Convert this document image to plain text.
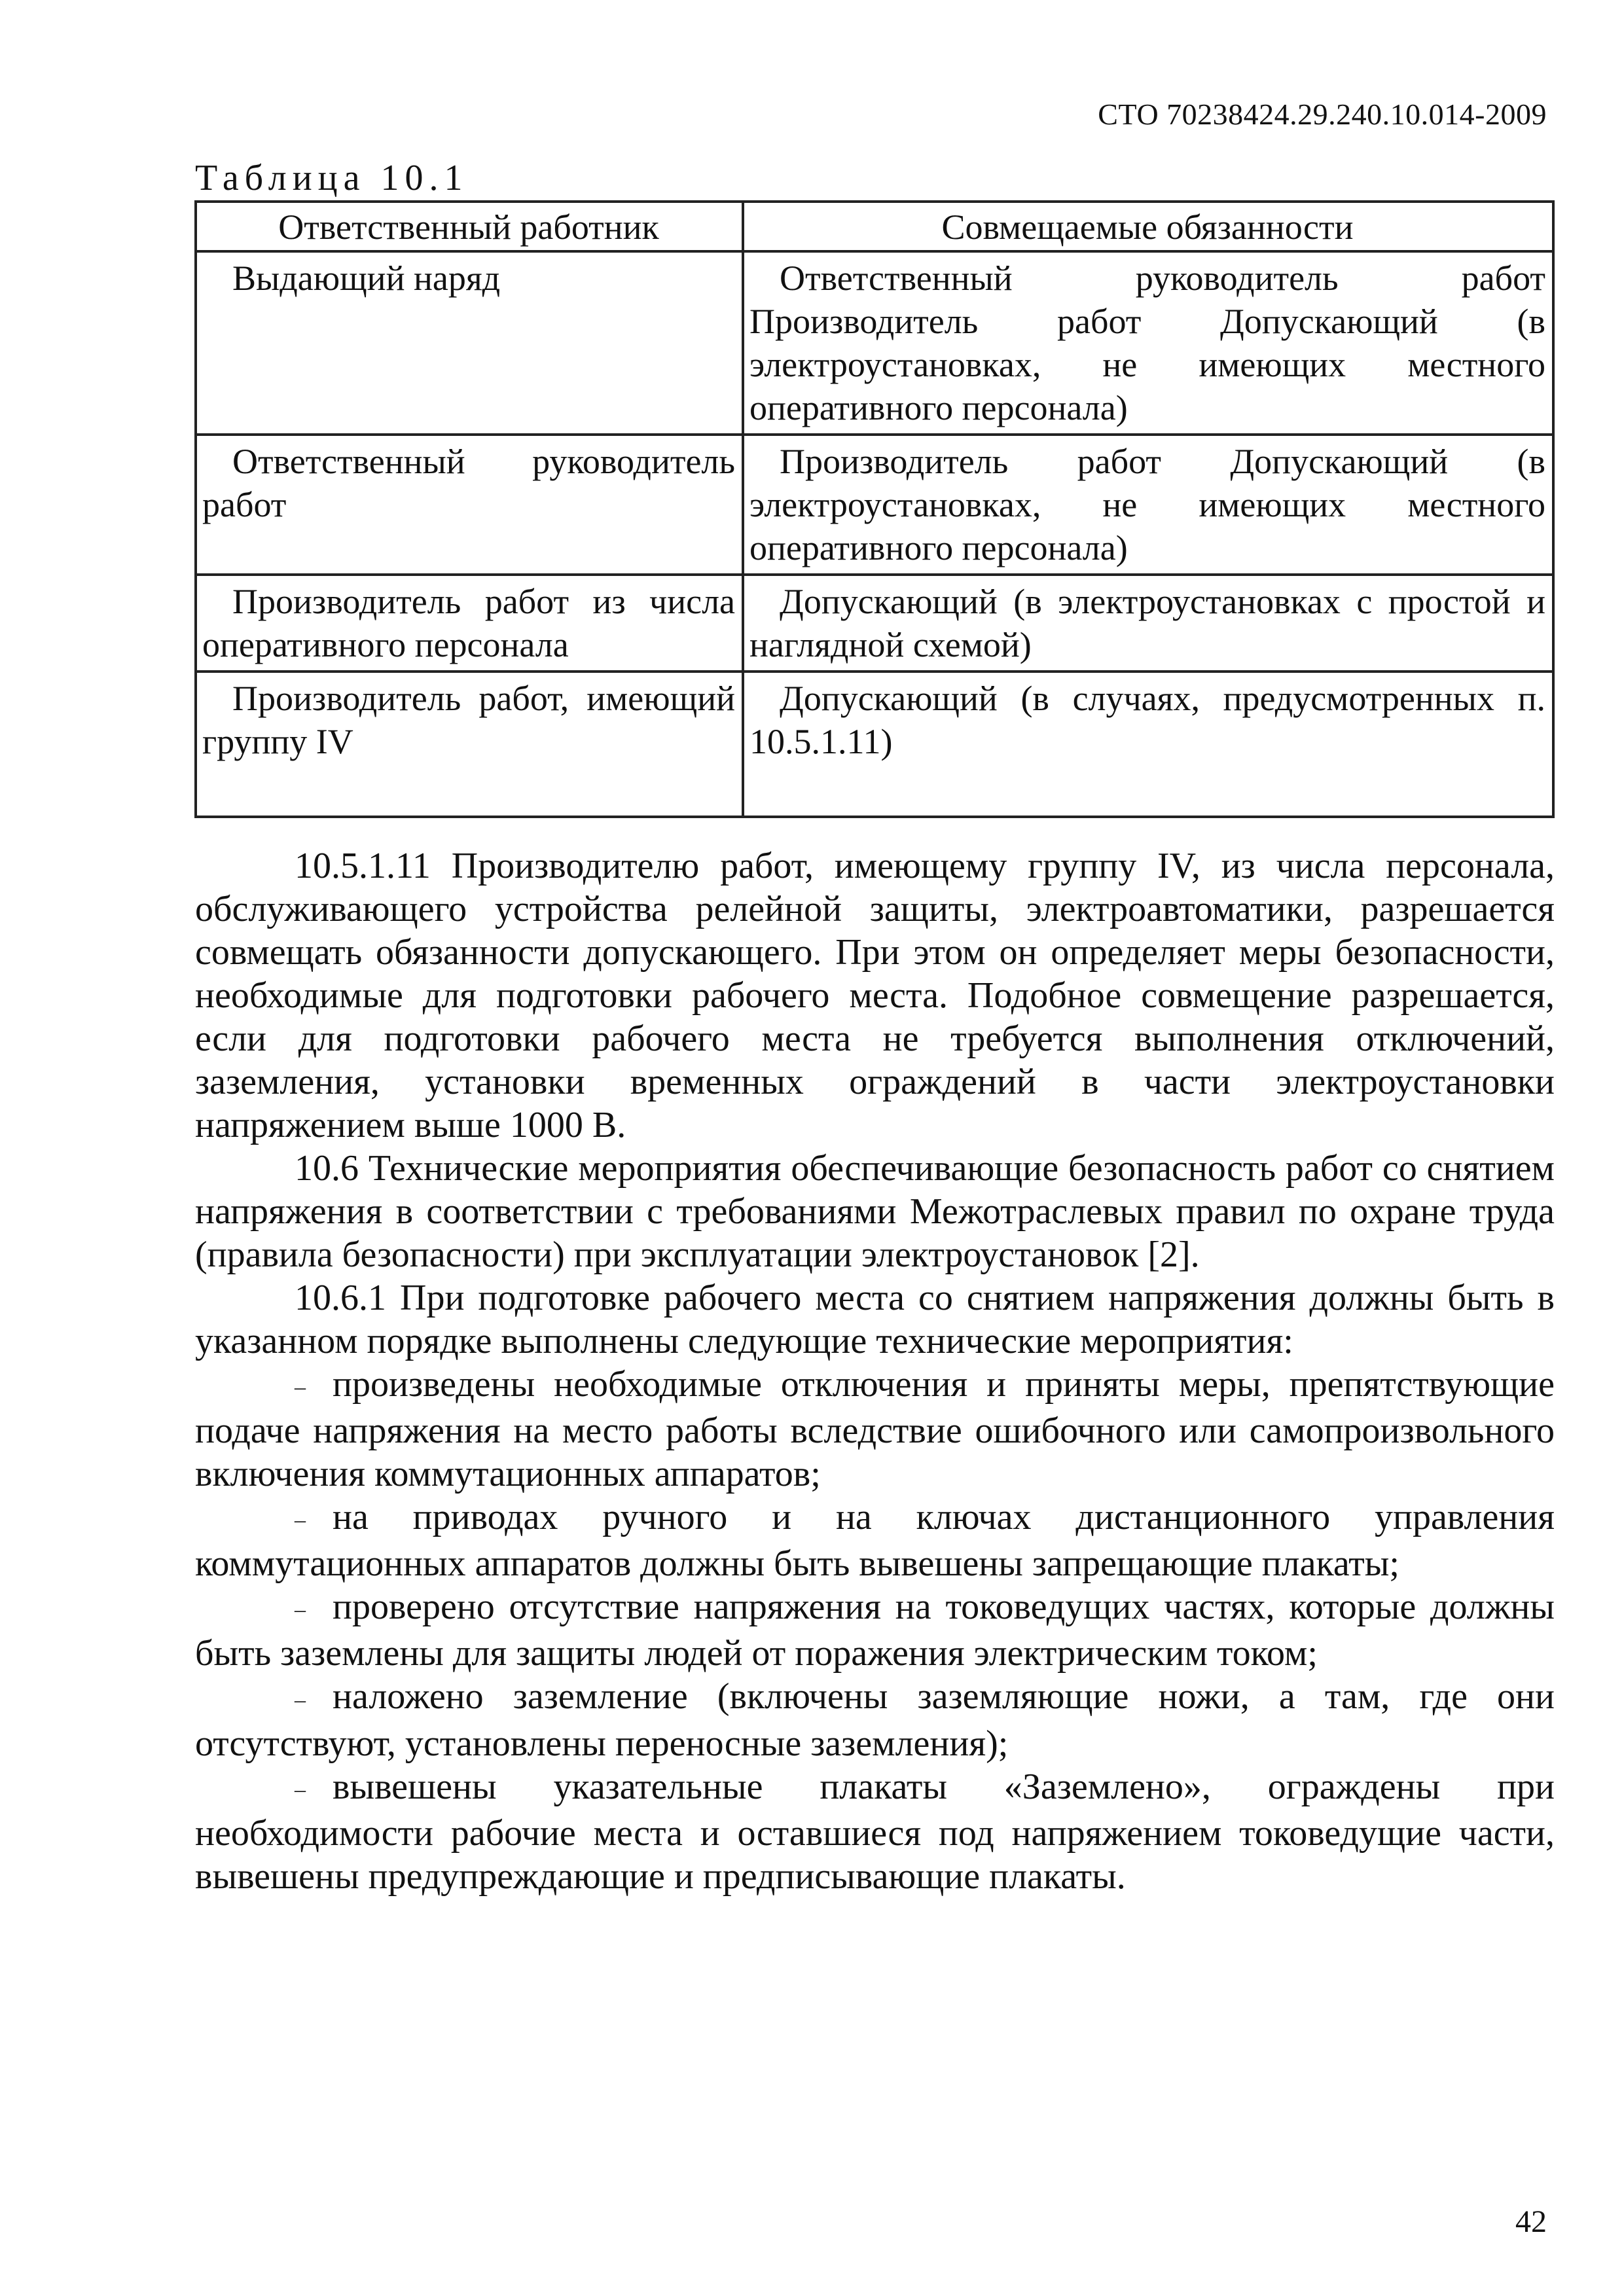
СТО 70238424.29.240.10.014-2009
Таблица 10.1
Ответственный работник	Совмещаемые обязанности
Выдающий наряд	Ответственный руководитель работ Производитель работ Допускающий (в электроустановках, не имеющих местного оперативного персонала)
Ответственный руководитель работ	Производитель работ Допускающий (в электроустановках, не имеющих местного оперативного персонала)
Производитель работ из числа оперативного персонала	Допускающий (в электроустановках с простой и наглядной схемой)
Производитель работ, имеющий группу IV	Допускающий (в случаях, предусмотренных п. 10.5.1.11)

10.5.1.11 Производителю работ, имеющему группу IV, из числа персонала, обслуживающего устройства релейной защиты, электроавтоматики, разрешается совмещать обязанности допускающего. При этом он определяет меры безопасности, необходимые для подготовки рабочего места. Подобное совмещение разрешается, если для подготовки рабочего места не требуется выполнения отключений, заземления, установки временных ограждений в части электроустановки напряжением выше 1000 В.

10.6 Технические мероприятия обеспечивающие безопасность работ со снятием напряжения в соответствии с требованиями Межотраслевых правил по охране труда (правила безопасности) при эксплуатации электроустановок [2].

10.6.1 При подготовке рабочего места со снятием напряжения должны быть в указанном порядке выполнены следующие технические мероприятия:

– произведены необходимые отключения и приняты меры, препятствующие подаче напряжения на место работы вследствие ошибочного или самопроизвольного включения коммутационных аппаратов;
– на приводах ручного и на ключах дистанционного управления коммутационных аппаратов должны быть вывешены запрещающие плакаты;
– проверено отсутствие напряжения на токоведущих частях, которые должны быть заземлены для защиты людей от поражения электрическим током;
– наложено заземление (включены заземляющие ножи, а там, где они отсутствуют, установлены переносные заземления);
– вывешены указательные плакаты «Заземлено», ограждены при необходимости рабочие места и оставшиеся под напряжением токоведущие части, вывешены предупреждающие и предписывающие плакаты.
42
